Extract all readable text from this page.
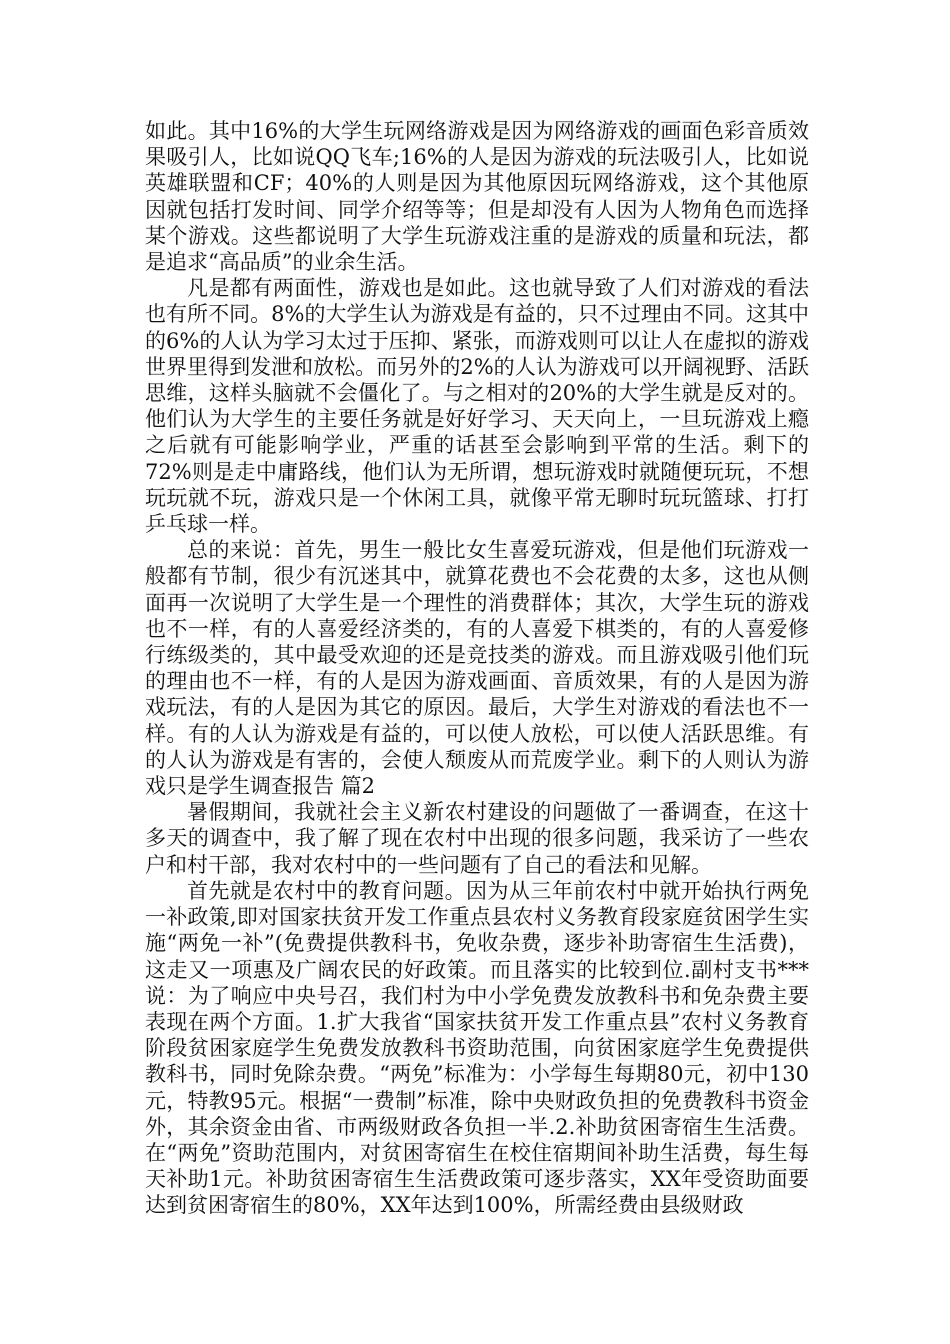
如此。其中16%的大学生玩网络游戏是因为网络游戏的画面色彩音质效果吸引人，比如说QQ飞车;16%的人是因为游戏的玩法吸引人，比如说英雄联盟和CF；40%的人则是因为其他原因玩网络游戏，这个其他原因就包括打发时间、同学介绍等等；但是却没有人因为人物角色而选择某个游戏。这些都说明了大学生玩游戏注重的是游戏的质量和玩法，都是追求“高品质”的业余生活。

凡是都有两面性，游戏也是如此。这也就导致了人们对游戏的看法也有所不同。8%的大学生认为游戏是有益的，只不过理由不同。这其中的6%的人认为学习太过于压抑、紧张，而游戏则可以让人在虚拟的游戏世界里得到发泄和放松。而另外的2%的人认为游戏可以开阔视野、活跃思维，这样头脑就不会僵化了。与之相对的20%的大学生就是反对的。他们认为大学生的主要任务就是好好学习、天天向上，一旦玩游戏上瘾之后就有可能影响学业，严重的话甚至会影响到平常的生活。剩下的72%则是走中庸路线，他们认为无所谓，想玩游戏时就随便玩玩，不想玩玩就不玩，游戏只是一个休闲工具，就像平常无聊时玩玩篮球、打打乒乓球一样。

总的来说：首先，男生一般比女生喜爱玩游戏，但是他们玩游戏一般都有节制，很少有沉迷其中，就算花费也不会花费的太多，这也从侧面再一次说明了大学生是一个理性的消费群体；其次，大学生玩的游戏也不一样，有的人喜爱经济类的，有的人喜爱下棋类的，有的人喜爱修行练级类的，其中最受欢迎的还是竞技类的游戏。而且游戏吸引他们玩的理由也不一样，有的人是因为游戏画面、音质效果，有的人是因为游戏玩法，有的人是因为其它的原因。最后，大学生对游戏的看法也不一样。有的人认为游戏是有益的，可以使人放松，可以使人活跃思维。有的人认为游戏是有害的，会使人颓废从而荒废学业。剩下的人则认为游戏只是学生调查报告 篇2

暑假期间，我就社会主义新农村建设的问题做了一番调查，在这十多天的调查中，我了解了现在农村中出现的很多问题，我采访了一些农户和村干部，我对农村中的一些问题有了自己的看法和见解。

首先就是农村中的教育问题。因为从三年前农村中就开始执行两免一补政策,即对国家扶贫开发工作重点县农村义务教育段家庭贫困学生实施“两免一补”(免费提供教科书，免收杂费，逐步补助寄宿生生活费)，这走又一项惠及广阔农民的好政策。而且落实的比较到位.副村支书***说：为了响应中央号召，我们村为中小学免费发放教科书和免杂费主要表现在两个方面。1.扩大我省“国家扶贫开发工作重点县”农村义务教育阶段贫困家庭学生免费发放教科书资助范围，向贫困家庭学生免费提供教科书，同时免除杂费。“两免”标准为：小学每生每期80元，初中130元，特教95元。根据“一费制”标准，除中央财政负担的免费教科书资金外，其余资金由省、市两级财政各负担一半.2.补助贫困寄宿生生活费。在“两免”资助范围内，对贫困寄宿生在校住宿期间补助生活费，每生每天补助1元。补助贫困寄宿生生活费政策可逐步落实，XX年受资助面要达到贫困寄宿生的80%，XX年达到100%，所需经费由县级财政
